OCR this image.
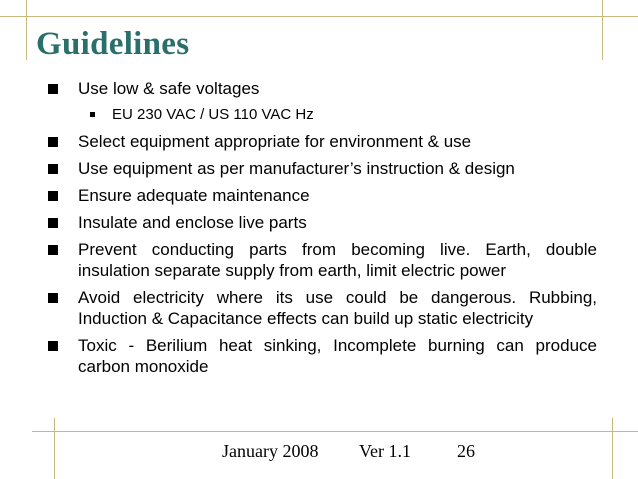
Guidelines
Use low & safe voltages
EU 230 VAC / US 110 VAC Hz
Select equipment appropriate for environment & use
Use equipment as per manufacturer’s instruction & design
Ensure adequate maintenance
Insulate and enclose live parts
Prevent conducting parts from becoming live. Earth, double insulation separate supply from earth, limit electric power
Avoid electricity where its use could be dangerous. Rubbing, Induction & Capacitance effects can build up static electricity
Toxic - Berilium heat sinking, Incomplete burning can produce carbon monoxide
January 2008 Ver 1.1	26
